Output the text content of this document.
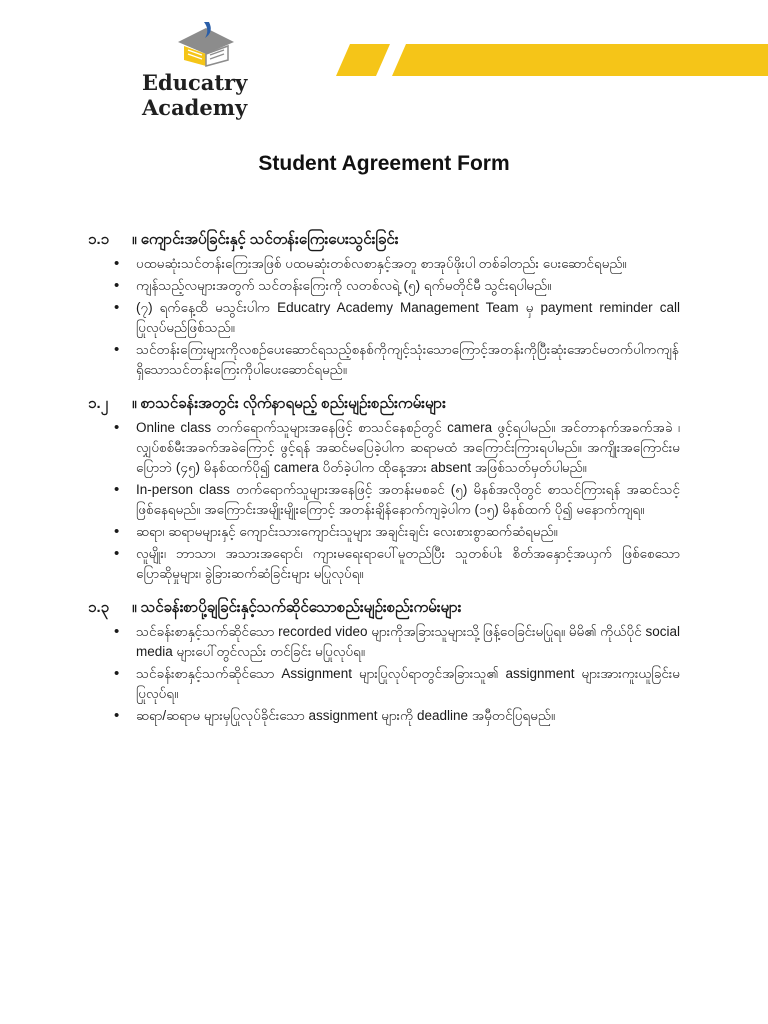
Educatry
Academy
Student Agreement Form
၁.၁	။ ကျောင်းအပ်ခြင်းနှင့် သင်တန်းကြေးပေးသွင်းခြင်း
• ပထမဆုံးသင်တန်းကြေးအဖြစ် ပထမဆုံးတစ်လစာနှင့်အတူ စာအုပ်ဖိုးပါ တစ်ခါတည်း ပေးဆောင်ရမည်။
• ကျန်သည့်လများအတွက် သင်တန်းကြေးကို လတစ်လရဲ့ (၅) ရက်မတိုင်မီ သွင်းရပါမည်။
• (၇) ရက်နေ့ထိ မသွင်းပါက Educatry Academy Management Team မှ payment reminder call ပြုလုပ်မည်ဖြစ်သည်။
• သင်တန်းကြေးများကိုလစဉ်ပေးဆောင်ရသည့်စနစ်ကိုကျင့်သုံးသောကြောင့်အတန်းကိုပြီးဆုံးအောင်မတက်ပါကကျန်ရှိသောသင်တန်းကြေးကိုပါပေးဆောင်ရမည်။
၁.၂	။ စာသင်ခန်းအတွင်း လိုက်နာရမည့် စည်းမျဉ်းစည်းကမ်းများ
• Online class တက်ရောက်သူများအနေဖြင့် စာသင်နေစဉ်တွင် camera ဖွင့်ရပါမည်။ အင်တာနက်အခက်အခဲ ၊ လျှပ်စစ်မီးအခက်အခဲကြောင့် ဖွင့်ရန် အဆင်မပြေခဲ့ပါက ဆရာမထံ အကြောင်းကြားရပါမည်။ အကျိုးအကြောင်းမပြောဘဲ (၄၅) မိနစ်ထက်ပို၍ camera ပိတ်ခဲ့ပါက ထိုနေ့အား absent အဖြစ်သတ်မှတ်ပါမည်။
• In-person class တက်ရောက်သူများအနေဖြင့် အတန်းမစခင် (၅) မိနစ်အလိုတွင် စာသင်ကြားရန် အဆင်သင့်ဖြစ်နေရမည်။ အကြောင်းအမျိုးမျိုးကြောင့် အတန်းချိန်နောက်ကျခဲ့ပါက (၁၅) မိနစ်ထက် ပို၍ မနောက်ကျရ။
• ဆရာ၊ ဆရာမများနှင့် ကျောင်းသားကျောင်းသူများ အချင်းချင်း လေးစားစွာဆက်ဆံရမည်။
• လူမျိုး၊ ဘာသာ၊ အသားအရောင်၊ ကျားမရေးရာပေါ်မူတည်ပြီး သူတစ်ပါး စိတ်အနှောင့်အယှက် ဖြစ်စေသော ပြောဆိုမှုများ၊ ခွဲခြားဆက်ဆံခြင်းများ မပြုလုပ်ရ။
၁.၃	။ သင်ခန်းစာပို့ချခြင်းနှင့်သက်ဆိုင်သောစည်းမျဉ်းစည်းကမ်းများ
• သင်ခန်းစာနှင့်သက်ဆိုင်သော recorded video များကိုအခြားသူများသို့ဖြန့်ဝေခြင်းမပြုရ။ မိမိ၏ ကိုယ်ပိုင် social media များပေါ်တွင်လည်း တင်ခြင်း မပြုလုပ်ရ။
• သင်ခန်းစာနှင့်သက်ဆိုင်သော Assignment များပြုလုပ်ရာတွင်အခြားသူ၏ assignment များအားကူးယူခြင်းမပြုလုပ်ရ။
• ဆရာ/ဆရာမ များမှပြုလုပ်ခိုင်းသော assignment များကို deadline အမှီတင်ပြရမည်။
